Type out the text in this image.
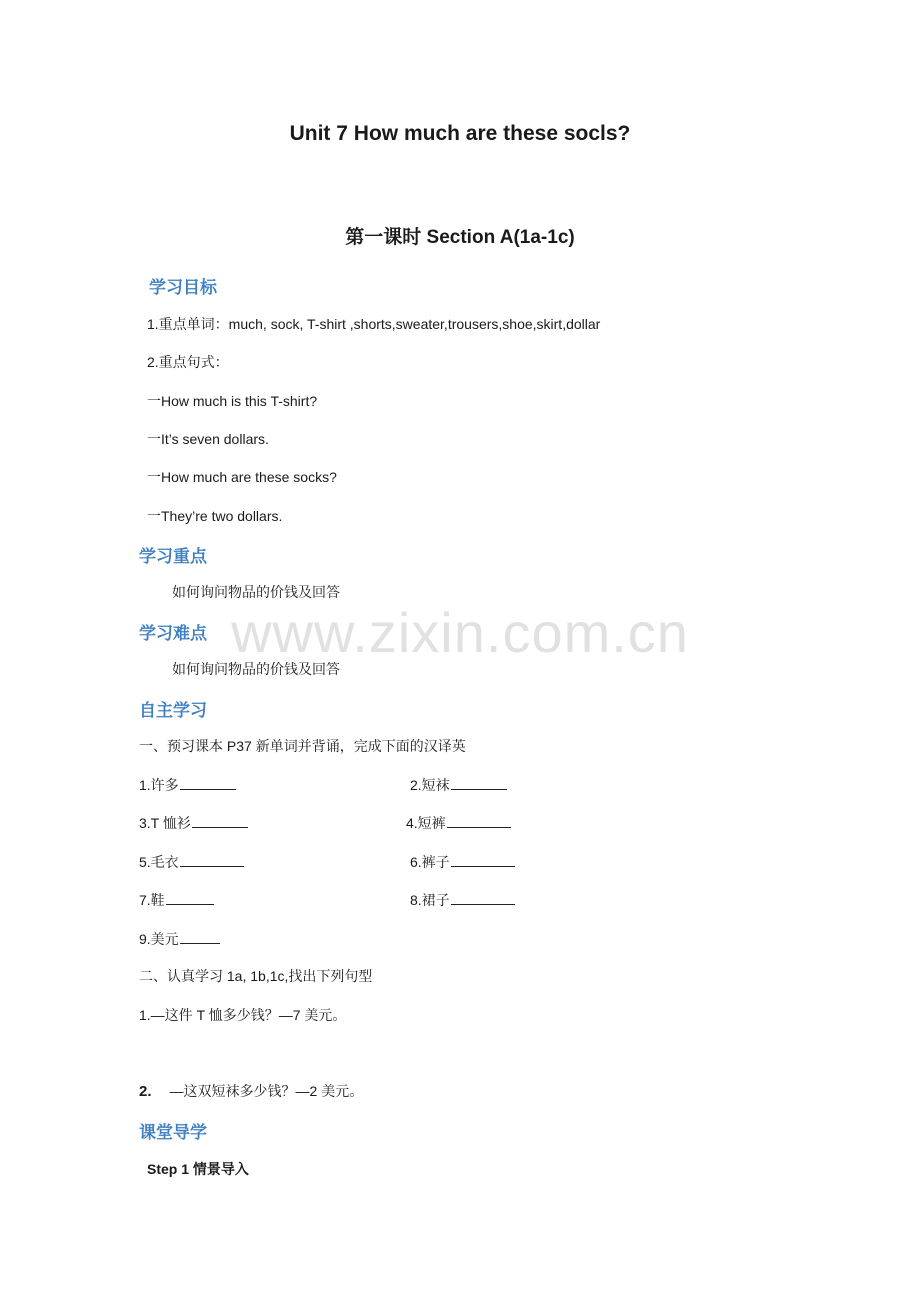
Unit 7 How much are these socls?
第一课时 Section A(1a-1c)
学习目标
1.重点单词：much, sock, T-shirt ,shorts,sweater,trousers,shoe,skirt,dollar
2.重点句式：
一How much is this T-shirt?
一It’s seven dollars.
一How much are these socks?
一They’re two dollars.
学习重点
如何询问物品的价钱及回答
学习难点
如何询问物品的价钱及回答
自主学习
一、预习课本 P37 新单词并背诵，完成下面的汉译英
1.许多	2.短袜
3.T 恤衫	4.短裤
5.毛衣	6.裤子
7.鞋	8.裙子
9.美元
二、认真学习 1a, 1b,1c,找出下列句型
1.—这件 T 恤多少钱？—7 美元。
2. —这双短袜多少钱？—2 美元。
课堂导学
Step 1 情景导入
www.zixin.com.cn
